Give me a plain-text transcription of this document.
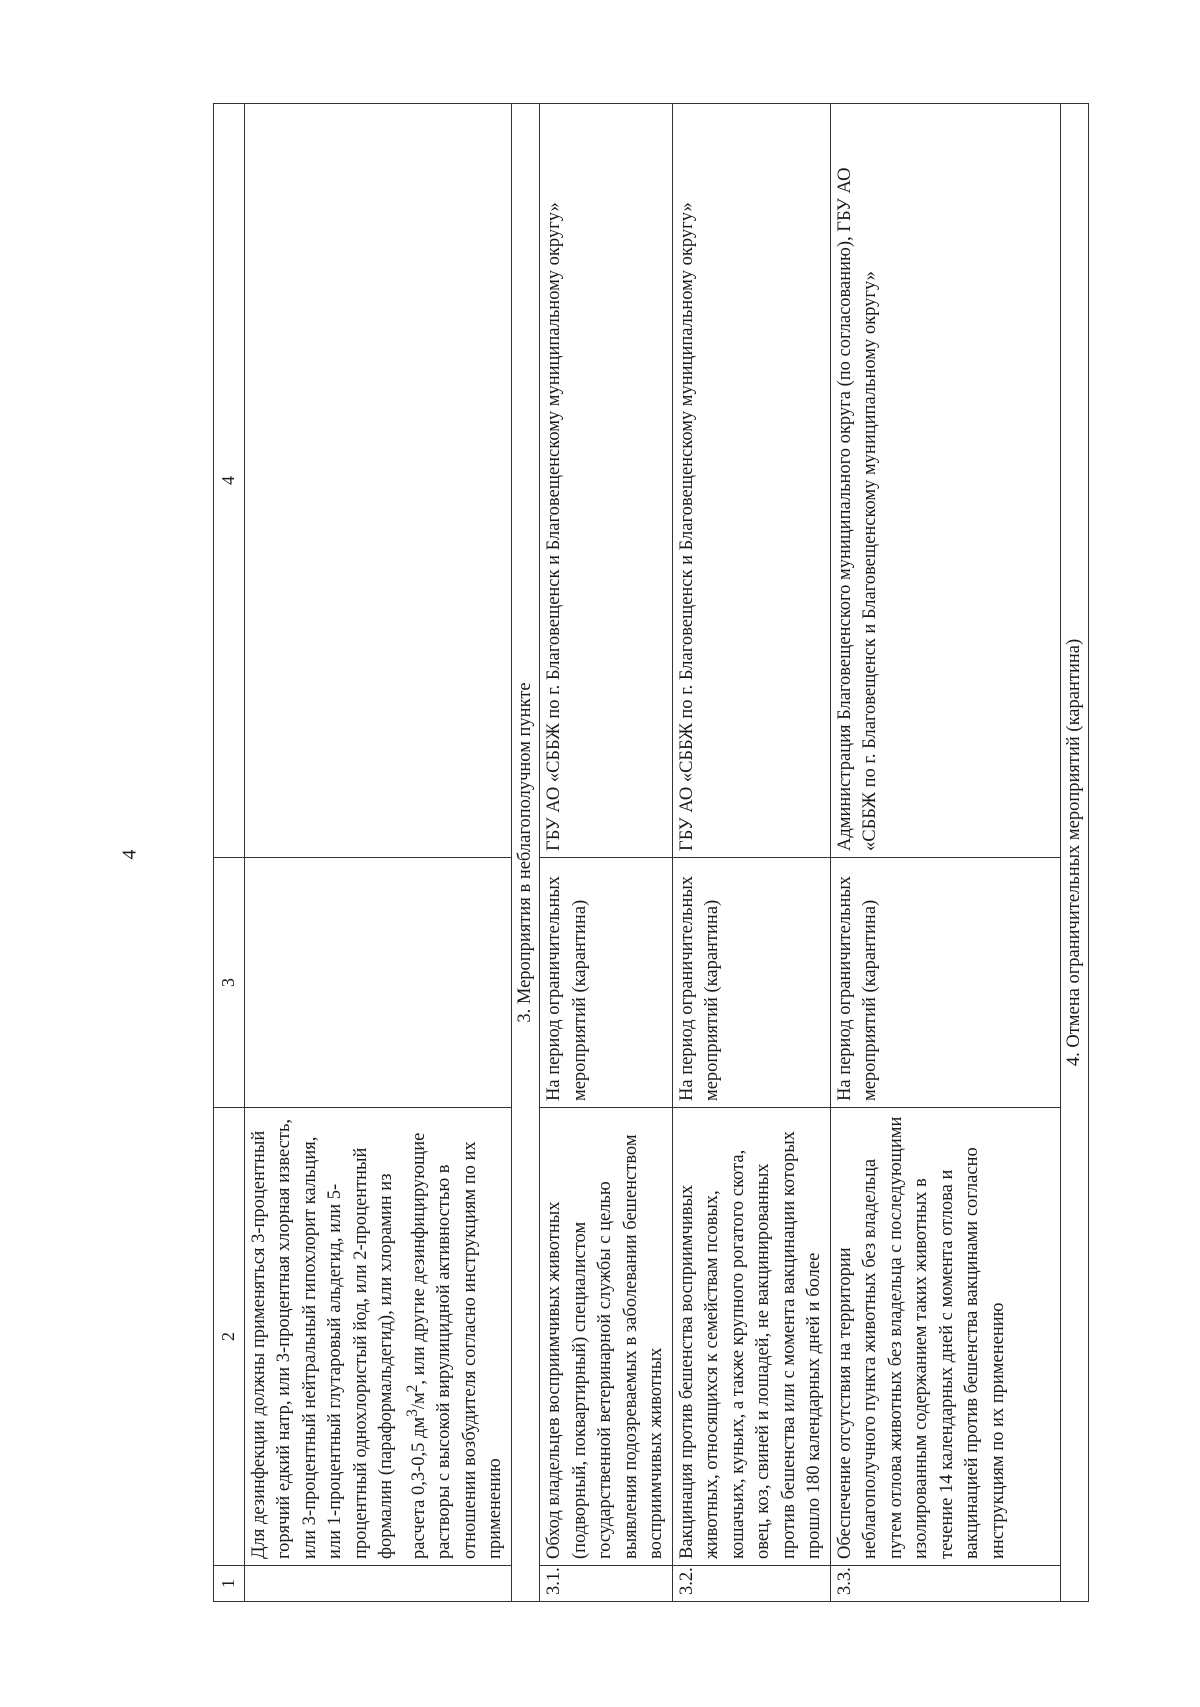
4
1	2	3	4
	Для дезинфекции должны применяться 3-процентный горячий едкий натр, или 3-процентная хлорная известь, или 3-процентный нейтральный гипохлорит кальция, или 1-процентный глутаровый альдегид, или 5-процентный однохлористый йод, или 2-процентный формалин (параформальдегид), или хлорамин из расчета 0,3-0,5 $дм^3/м^2$, или другие дезинфицирующие растворы с высокой вирулицидной активностью в отношении возбудителя согласно инструкциям по их применению		
3. Мероприятия в неблагополучном пункте			
3.1.	Обход владельцев восприимчивых животных (подворный, поквартирный) специалистом государственной ветеринарной службы с целью выявления подозреваемых в заболевании бешенством восприимчивых животных	На период ограничительных мероприятий (карантина)	ГБУ АО «СББЖ по г. Благовещенск и Благовещенскому муниципальному округу»
3.2.	Вакцинация против бешенства восприимчивых животных, относящихся к семействам псовых, кошачьих, куньих, а также крупного рогатого скота, овец, коз, свиней и лошадей, не вакцинированных против бешенства или с момента вакцинации которых прошло 180 календарных дней и более	На период ограничительных мероприятий (карантина)	ГБУ АО «СББЖ по г. Благовещенск и Благовещенскому муниципальному округу»
3.3.	Обеспечение отсутствия на территории неблагополучного пункта животных без владельца путем отлова животных без владельца с последующими изолированным содержанием таких животных в течение 14 календарных дней с момента отлова и вакцинацией против бешенства вакцинами согласно инструкциям по их применению	На период ограничительных мероприятий (карантина)	Администрация Благовещенского муниципального округа (по согласованию), ГБУ АО «СББЖ по г. Благовещенск и Благовещенскому муниципальному округу»
4. Отмена ограничительных мероприятий (карантина)			
